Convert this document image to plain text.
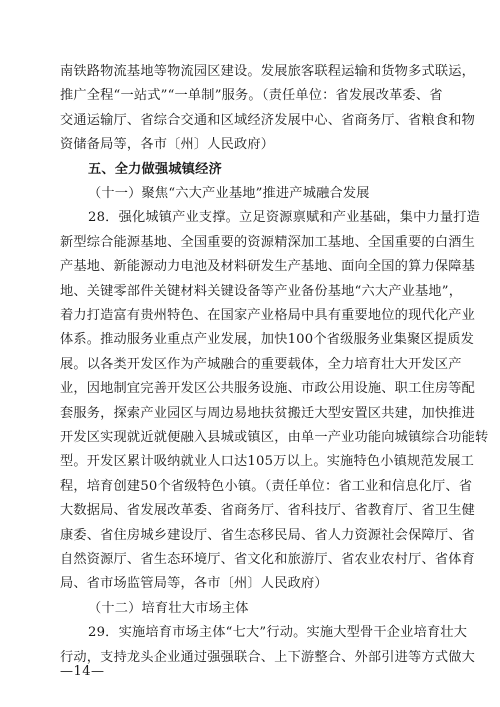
南铁路物流基地等物流园区建设。发展旅客联程运输和货物多式联运，
推广全程“一站式”“一单制”服务。（责任单位：省发展改革委、省
交通运输厅、省综合交通和区域经济发展中心、省商务厅、省粮食和物
资储备局等，各市〔州〕人民政府）
五、全力做强城镇经济
（十一）聚焦“六大产业基地”推进产城融合发展
28．强化城镇产业支撑。立足资源禀赋和产业基础，集中力量打造
新型综合能源基地、全国重要的资源精深加工基地、全国重要的白酒生
产基地、新能源动力电池及材料研发生产基地、面向全国的算力保障基
地、关键零部件关键材料关键设备等产业备份基地“六大产业基地”，
着力打造富有贵州特色、在国家产业格局中具有重要地位的现代化产业
体系。推动服务业重点产业发展，加快100个省级服务业集聚区提质发
展。以各类开发区作为产城融合的重要载体，全力培育壮大开发区产
业，因地制宜完善开发区公共服务设施、市政公用设施、职工住房等配
套服务，探索产业园区与周边易地扶贫搬迁大型安置区共建，加快推进
开发区实现就近就便融入县城或镇区，由单一产业功能向城镇综合功能转
型。开发区累计吸纳就业人口达105万以上。实施特色小镇规范发展工
程，培育创建50个省级特色小镇。（责任单位：省工业和信息化厅、省
大数据局、省发展改革委、省商务厅、省科技厅、省教育厅、省卫生健
康委、省住房城乡建设厅、省生态移民局、省人力资源社会保障厅、省
自然资源厅、省生态环境厅、省文化和旅游厅、省农业农村厅、省体育
局、省市场监管局等，各市〔州〕人民政府）
（十二）培育壮大市场主体
29．实施培育市场主体“七大”行动。实施大型骨干企业培育壮大
行动，支持龙头企业通过强强联合、上下游整合、外部引进等方式做大
—14—
